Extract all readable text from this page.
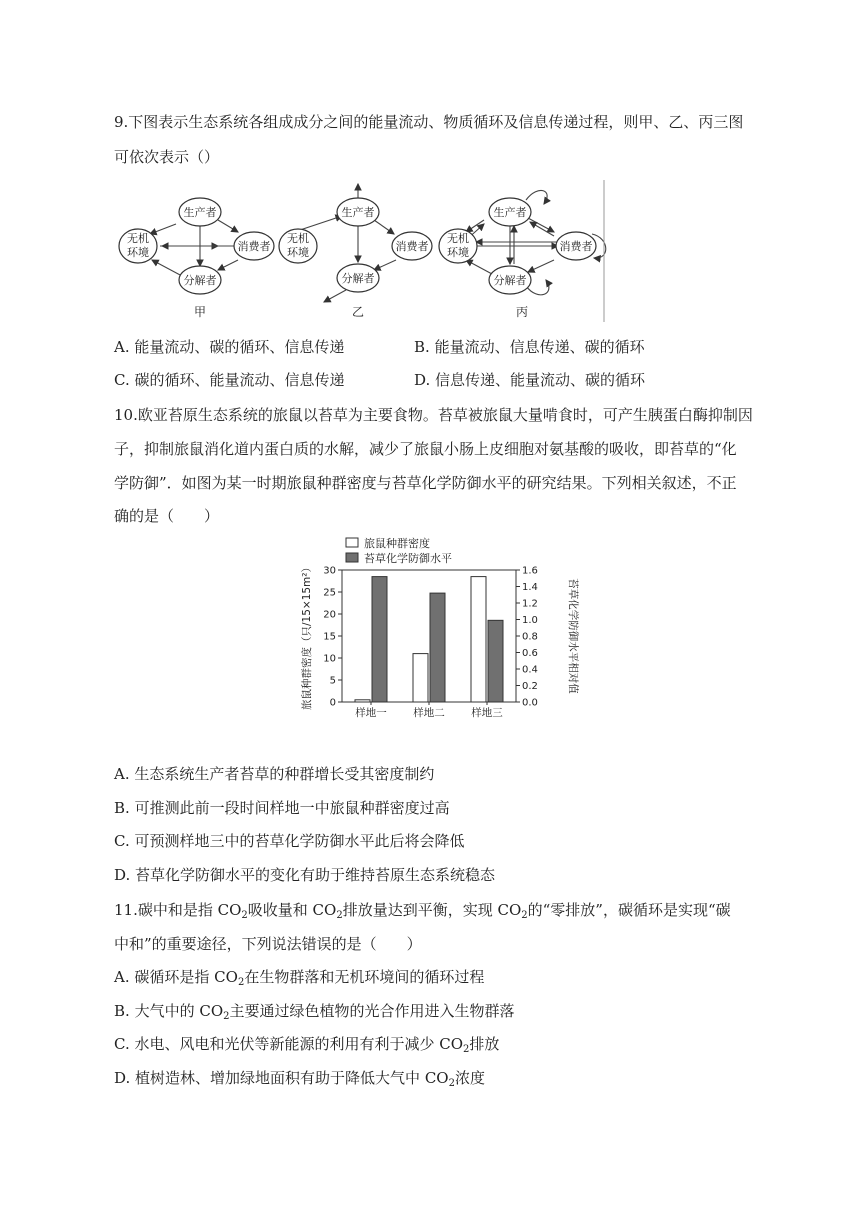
9.下图表示生态系统各组成成分之间的能量流动、物质循环及信息传递过程，则甲、乙、丙三图
可依次表示（）
生产者
无机
环境	消费者
分解者
生产者
无机
环境	消费者
分解者
生产者
无机
环境	消费者
分解者
甲	乙	丙
A. 能量流动、碳的循环、信息传递	B. 能量流动、信息传递、碳的循环
C. 碳的循环、能量流动、信息传递	D. 信息传递、能量流动、碳的循环
10.欧亚苔原生态系统的旅鼠以苔草为主要食物。苔草被旅鼠大量啃食时，可产生胰蛋白酶抑制因
子，抑制旅鼠消化道内蛋白质的水解，减少了旅鼠小肠上皮细胞对氨基酸的吸收，即苔草的“化
学防御”．如图为某一时期旅鼠种群密度与苔草化学防御水平的研究结果。下列相关叙述，不正
确的是（　　）
旅鼠种群密度
苔草化学防御水平
旅鼠种群密度（只/15×15m²）	苔草化学防御水平相对值
0
5
10
15
20
25
30
0.0
0.2
0.4
0.6
0.8
1.0
1.2
1.4
1.6
样地一	样地二	样地三
A. 生态系统生产者苔草的种群增长受其密度制约
B. 可推测此前一段时间样地一中旅鼠种群密度过高
C. 可预测样地三中的苔草化学防御水平此后将会降低
D. 苔草化学防御水平的变化有助于维持苔原生态系统稳态
11.碳中和是指 $CO_2$吸收量和 $CO_2$排放量达到平衡，实现 $CO_2$的“零排放”，碳循环是实现“碳
中和”的重要途径，下列说法错误的是（　　）
A. 碳循环是指 $CO_2$在生物群落和无机环境间的循环过程
B. 大气中的 $CO_2$主要通过绿色植物的光合作用进入生物群落
C. 水电、风电和光伏等新能源的利用有利于减少 $CO_2$排放
D. 植树造林、增加绿地面积有助于降低大气中 $CO_2$浓度
